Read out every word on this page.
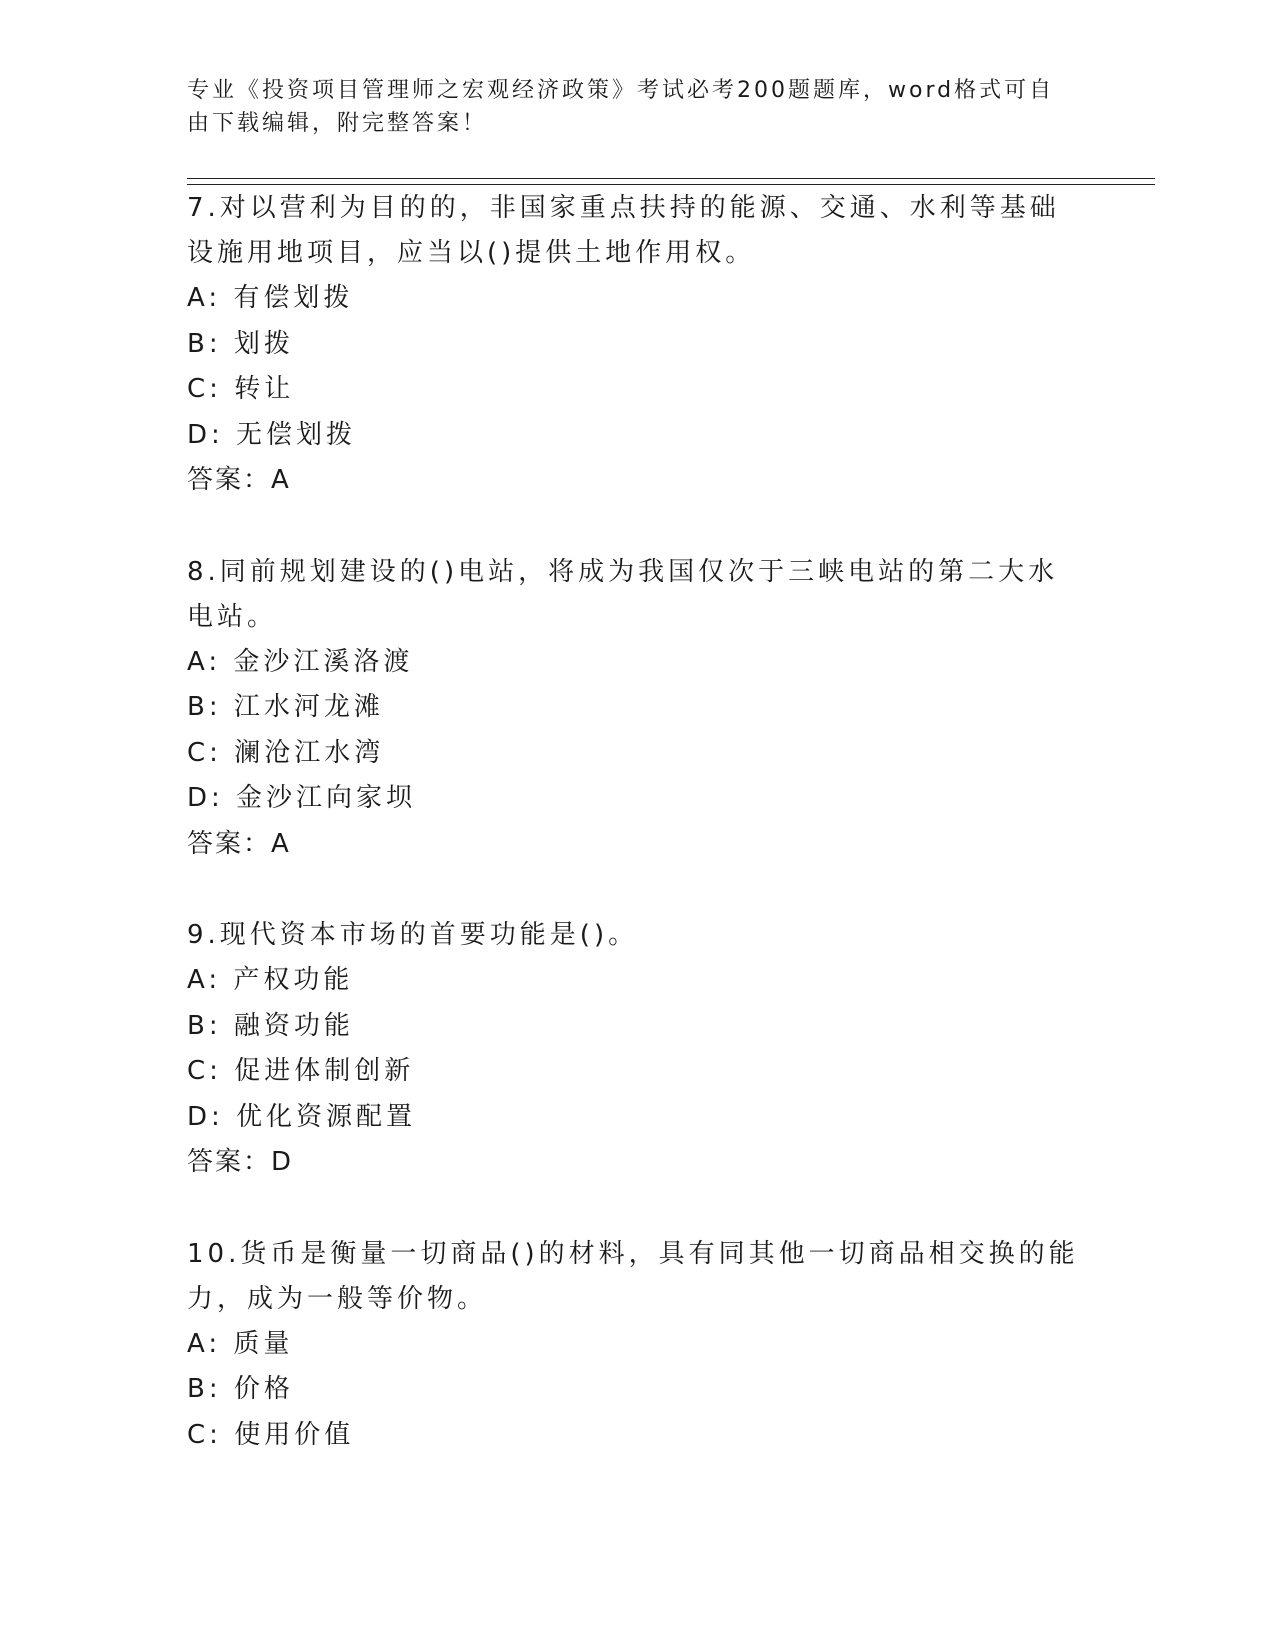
专业《投资项目管理师之宏观经济政策》考试必考200题题库，word格式可自由下载编辑，附完整答案！

7.对以营利为目的的，非国家重点扶持的能源、交通、水利等基础设施用地项目，应当以()提供土地作用权。

A: 有偿划拨

B: 划拨

C: 转让

D: 无偿划拨

答案：A

8.同前规划建设的()电站，将成为我国仅次于三峡电站的第二大水电站。

A: 金沙江溪洛渡

B: 江水河龙滩

C: 澜沧江水湾

D: 金沙江向家坝

答案：A

9.现代资本市场的首要功能是()。

A: 产权功能

B: 融资功能

C: 促进体制创新

D: 优化资源配置

答案：D

10.货币是衡量一切商品()的材料，具有同其他一切商品相交换的能力，成为一般等价物。

A: 质量

B: 价格

C: 使用价值
